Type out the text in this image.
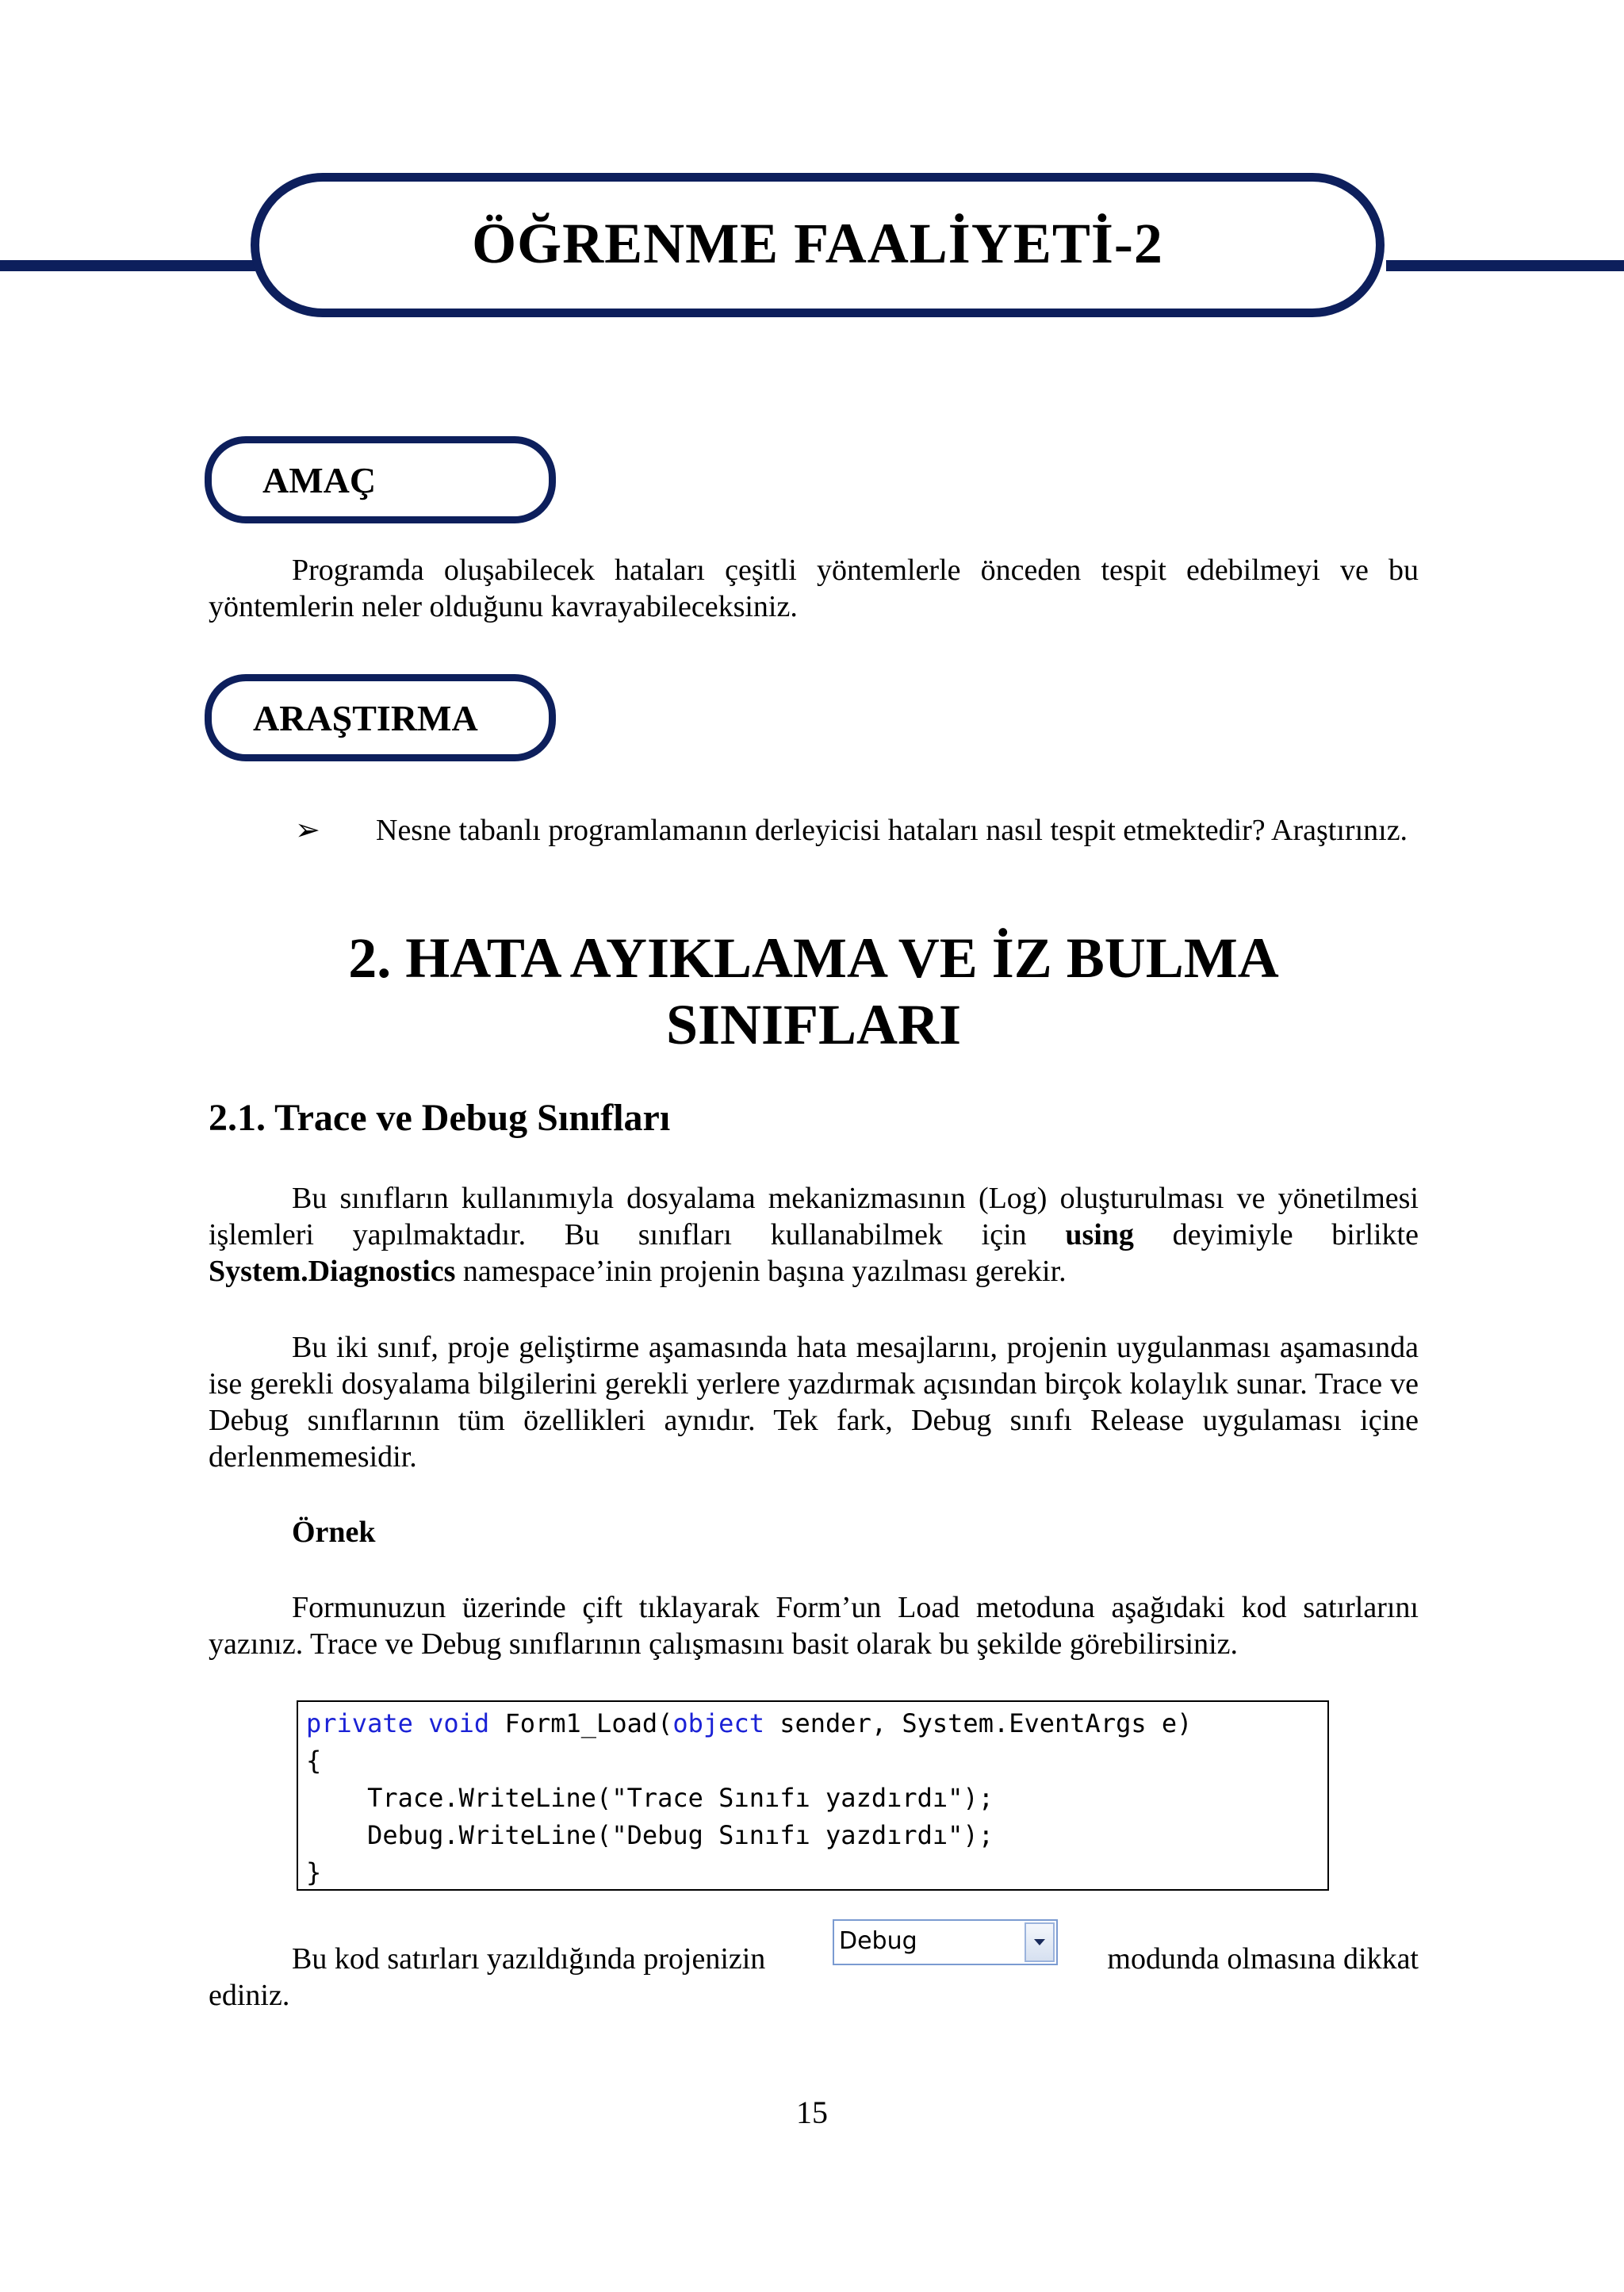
ÖĞRENME FAALİYETİ-2
AMAÇ
Programda oluşabilecek hataları çeşitli yöntemlerle önceden tespit edebilmeyi ve bu yöntemlerin neler olduğunu kavrayabileceksiniz.
ARAŞTIRMA
➢ Nesne tabanlı programlamanın derleyicisi hataları nasıl tespit etmektedir? Araştırınız.
2. HATA AYIKLAMA VE İZ BULMA
SINIFLARI
2.1. Trace ve Debug Sınıfları
Bu sınıfların kullanımıyla dosyalama mekanizmasının (Log) oluşturulması ve yönetilmesi işlemleri yapılmaktadır. Bu sınıfları kullanabilmek için using deyimiyle birlikte System.Diagnostics namespace’inin projenin başına yazılması gerekir.
Bu iki sınıf, proje geliştirme aşamasında hata mesajlarını, projenin uygulanması aşamasında ise gerekli dosyalama bilgilerini gerekli yerlere yazdırmak açısından birçok kolaylık sunar. Trace ve Debug sınıflarının tüm özellikleri aynıdır. Tek fark, Debug sınıfı Release uygulaması içine derlenmemesidir.
Örnek
Formunuzun üzerinde çift tıklayarak Form’un Load metoduna aşağıdaki kod satırlarını yazınız. Trace ve Debug sınıflarının çalışmasını basit olarak bu şekilde görebilirsiniz.
private void Form1_Load(object sender, System.EventArgs e)
{
Trace.WriteLine("Trace Sınıfı yazdırdı");
Debug.WriteLine("Debug Sınıfı yazdırdı");
}
Bu kod satırları yazıldığında projenizin
Debug
modunda olmasına dikkat
ediniz.
15
